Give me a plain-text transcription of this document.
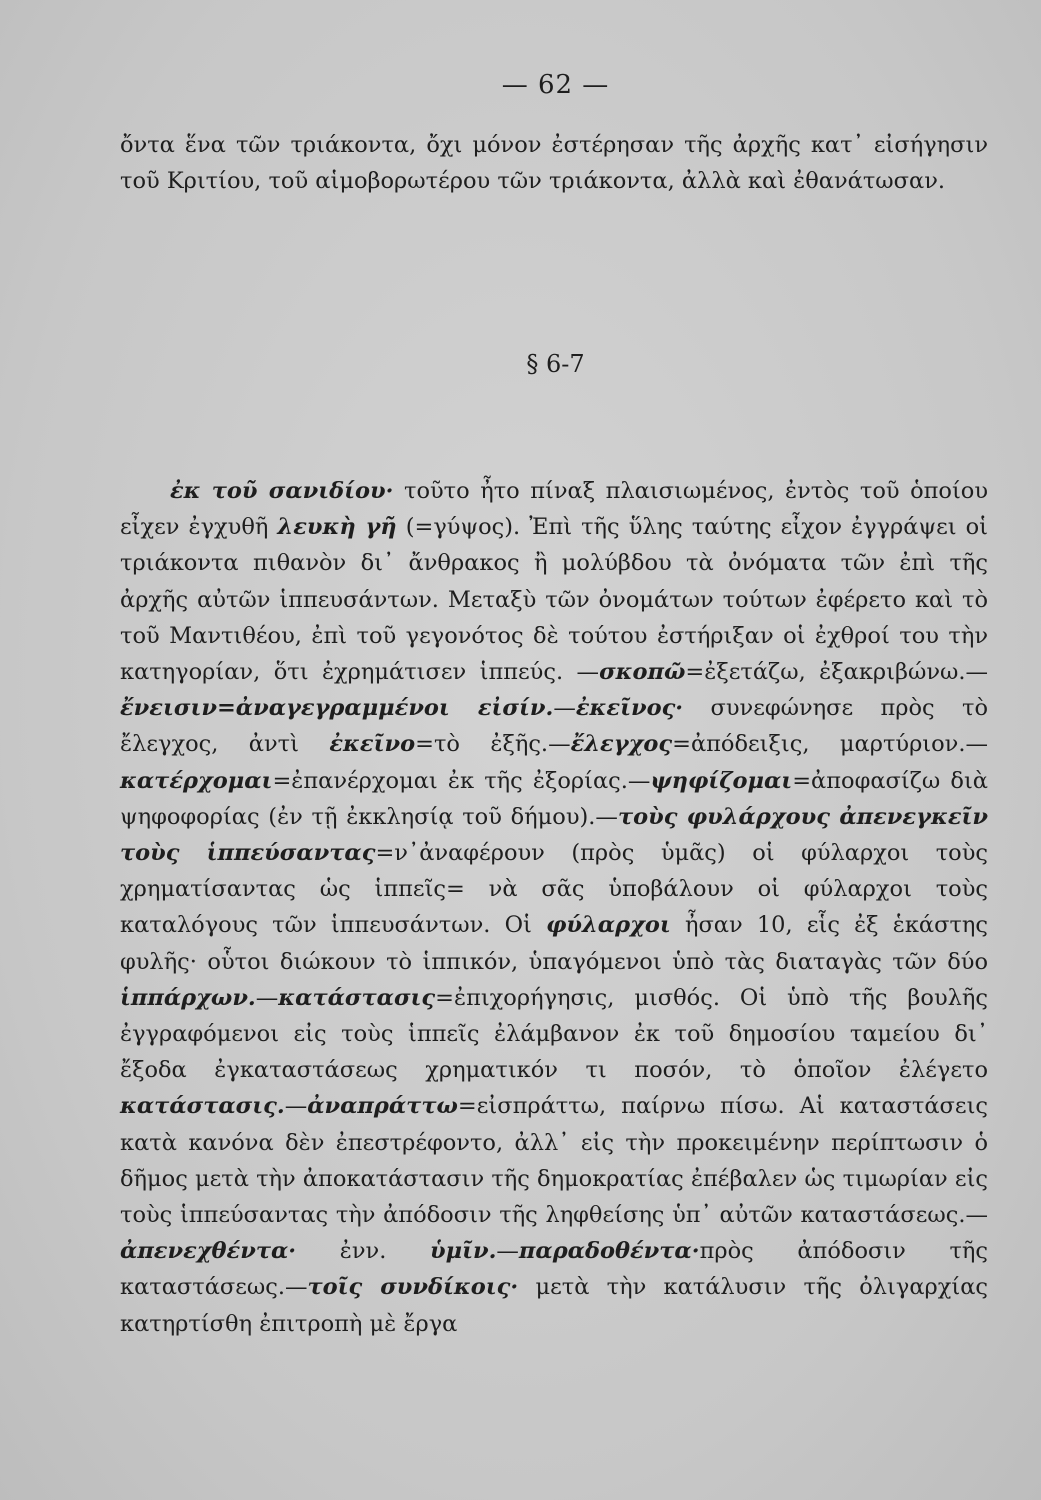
— 62 —

ὄντα ἕνα τῶν τριάκοντα, ὄχι μόνον ἐστέρησαν τῆς ἀρχῆς κατ᾽ εἰσήγησιν τοῦ Κριτίου, τοῦ αἱμοβορωτέρου τῶν τριάκοντα, ἀλλὰ καὶ ἐθανάτωσαν.

§ 6-7

ἐκ τοῦ σανιδίου· τοῦτο ἦτο πίναξ πλαισιωμένος, ἐντὸς τοῦ ὁποίου εἶχεν ἐγχυθῆ λευκὴ γῆ (=γύψος). Ἐπὶ τῆς ὕλης ταύτης εἶχον ἐγγράψει οἱ τριάκοντα πιθανὸν δι᾽ ἄνθρακος ἢ μολύβδου τὰ ὀνόματα τῶν ἐπὶ τῆς ἀρχῆς αὐτῶν ἱππευσάντων. Μεταξὺ τῶν ὀνομάτων τούτων ἐφέρετο καὶ τὸ τοῦ Μαντιθέου, ἐπὶ τοῦ γεγονότος δὲ τούτου ἐστήριξαν οἱ ἐχθροί του τὴν κατηγορίαν, ὅτι ἐχρημάτισεν ἱππεύς. —σκοπῶ=ἐξετάζω, ἐξακριβώνω.—ἔνεισιν=ἀναγεγραμμένοι εἰσίν.—ἐκεῖνος· συνεφώνησε πρὸς τὸ ἔλεγχος, ἀντὶ ἐκεῖνο=τὸ ἐξῆς.—ἔλεγχος=ἀπόδειξις, μαρτύριον.—κατέρχομαι=ἐπανέρχομαι ἐκ τῆς ἐξορίας.—ψηφίζομαι=ἀποφασίζω διὰ ψηφοφορίας (ἐν τῇ ἐκκλησίᾳ τοῦ δήμου).—τοὺς φυλάρχους ἀπενεγκεῖν τοὺς ἱππεύσαντας=ν᾽ἀναφέρουν (πρὸς ὑμᾶς) οἱ φύλαρχοι τοὺς χρηματίσαντας ὡς ἱππεῖς= νὰ σᾶς ὑποβάλουν οἱ φύλαρχοι τοὺς καταλόγους τῶν ἱππευσάντων. Οἱ φύλαρχοι ἦσαν 10, εἷς ἐξ ἑκάστης φυλῆς· οὗτοι διώκουν τὸ ἱππικόν, ὑπαγόμενοι ὑπὸ τὰς διαταγὰς τῶν δύο ἱππάρχων.—κατάστασις=ἐπιχορήγησις, μισθός. Οἱ ὑπὸ τῆς βουλῆς ἐγγραφόμενοι εἰς τοὺς ἱππεῖς ἐλάμβανον ἐκ τοῦ δημοσίου ταμείου δι᾽ ἔξοδα ἐγκαταστάσεως χρηματικόν τι ποσόν, τὸ ὁποῖον ἐλέγετο κατάστασις.—ἀναπράττω=εἰσπράττω, παίρνω πίσω. Αἱ καταστάσεις κατὰ κανόνα δὲν ἐπεστρέφοντο, ἀλλ᾽ εἰς τὴν προκειμένην περίπτωσιν ὁ δῆμος μετὰ τὴν ἀποκατάστασιν τῆς δημοκρατίας ἐπέβαλεν ὡς τιμωρίαν εἰς τοὺς ἱππεύσαντας τὴν ἀπόδοσιν τῆς ληφθείσης ὑπ᾽ αὐτῶν καταστάσεως.—ἀπενεχθέντα· ἐνν. ὑμῖν.—παραδοθέντα·πρὸς ἀπόδοσιν τῆς καταστάσεως.—τοῖς συνδίκοις· μετὰ τὴν κατάλυσιν τῆς ὀλιγαρχίας κατηρτίσθη ἐπιτροπὴ μὲ ἔργα
